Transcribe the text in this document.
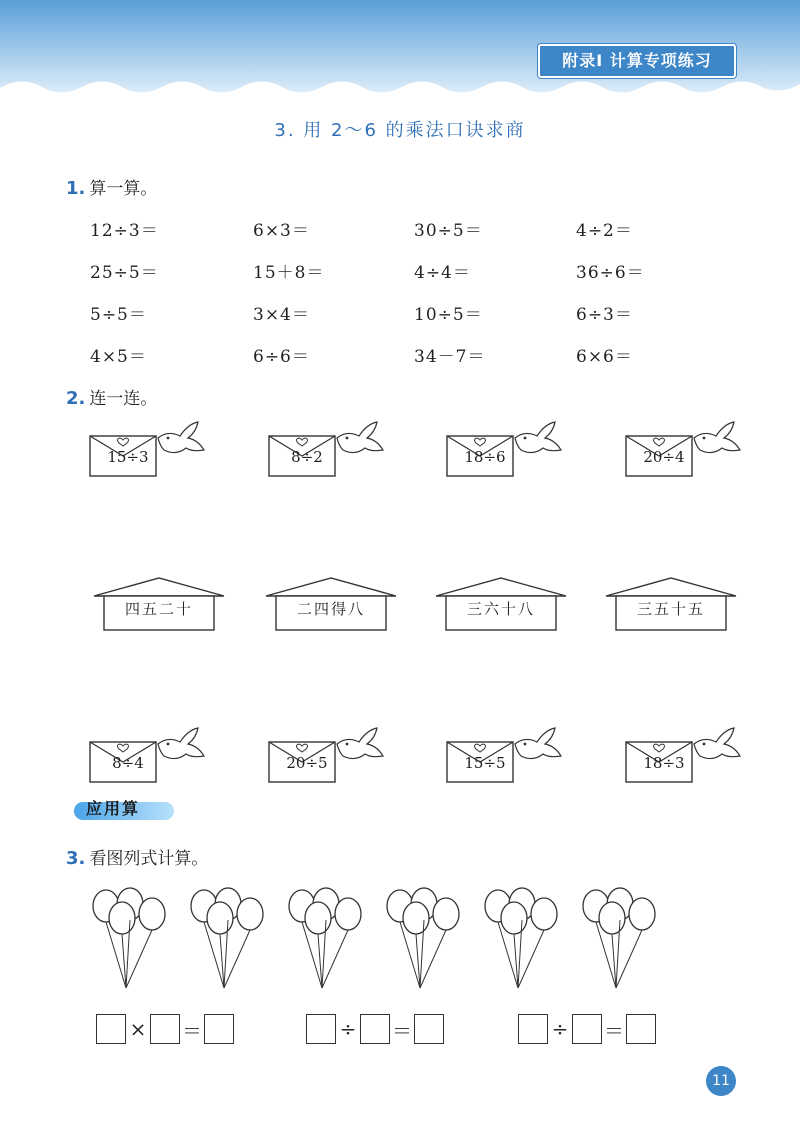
附录Ⅰ 计算专项练习
3. 用 2～6 的乘法口诀求商
1. 算一算。
12÷3＝	6×3＝	30÷5＝	4÷2＝
25÷5＝	15＋8＝	4÷4＝	36÷6＝
5÷5＝	3×4＝	10÷5＝	6÷3＝
4×5＝	6÷6＝	34－7＝	6×6＝
2. 连一连。
15÷3	8÷2	18÷6	20÷4
四五二十	二四得八	三六十八	三五十五
8÷4	20÷5	15÷5	18÷3
应用算
3. 看图列式计算。
× ＝	÷ ＝	÷ ＝
11
